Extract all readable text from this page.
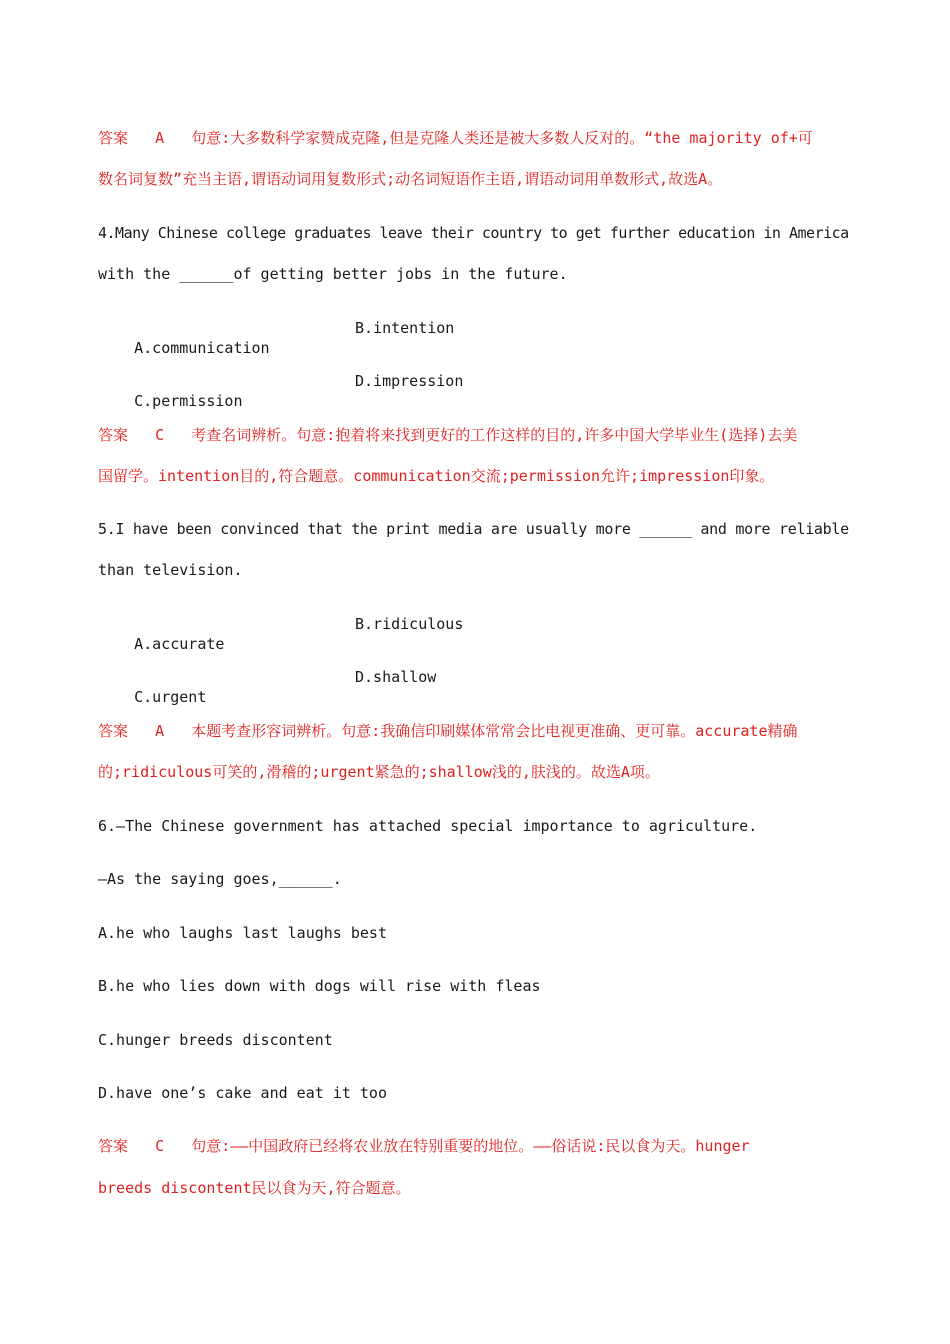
答案   A   句意:大多数科学家赞成克隆,但是克隆人类还是被大多数人反对的。“the majority of+可
数名词复数”充当主语,谓语动词用复数形式;动名词短语作主语,谓语动词用单数形式,故选A。
4.Many Chinese college graduates leave their country to get further education in America
with the ______of getting better jobs in the future.

A.communication

B.intention

C.permission

D.impression

答案   C   考查名词辨析。句意:抱着将来找到更好的工作这样的目的,许多中国大学毕业生(选择)去美
国留学。intention目的,符合题意。communication交流;permission允许;impression印象。
5.I have been convinced that the print media are usually more ______ and more reliable
than television.

A.accurate

B.ridiculous

C.urgent

D.shallow

答案   A   本题考查形容词辨析。句意:我确信印刷媒体常常会比电视更准确、更可靠。accurate精确
的;ridiculous可笑的,滑稽的;urgent紧急的;shallow浅的,肤浅的。故选A项。
6.—The Chinese government has attached special importance to agriculture.
—As the saying goes,______.
A.he who laughs last laughs best
B.he who lies down with dogs will rise with fleas
C.hunger breeds discontent
D.have one’s cake and eat it too
答案   C   句意:——中国政府已经将农业放在特别重要的地位。——俗话说:民以食为天。hunger
breeds discontent民以食为天,符合题意。
